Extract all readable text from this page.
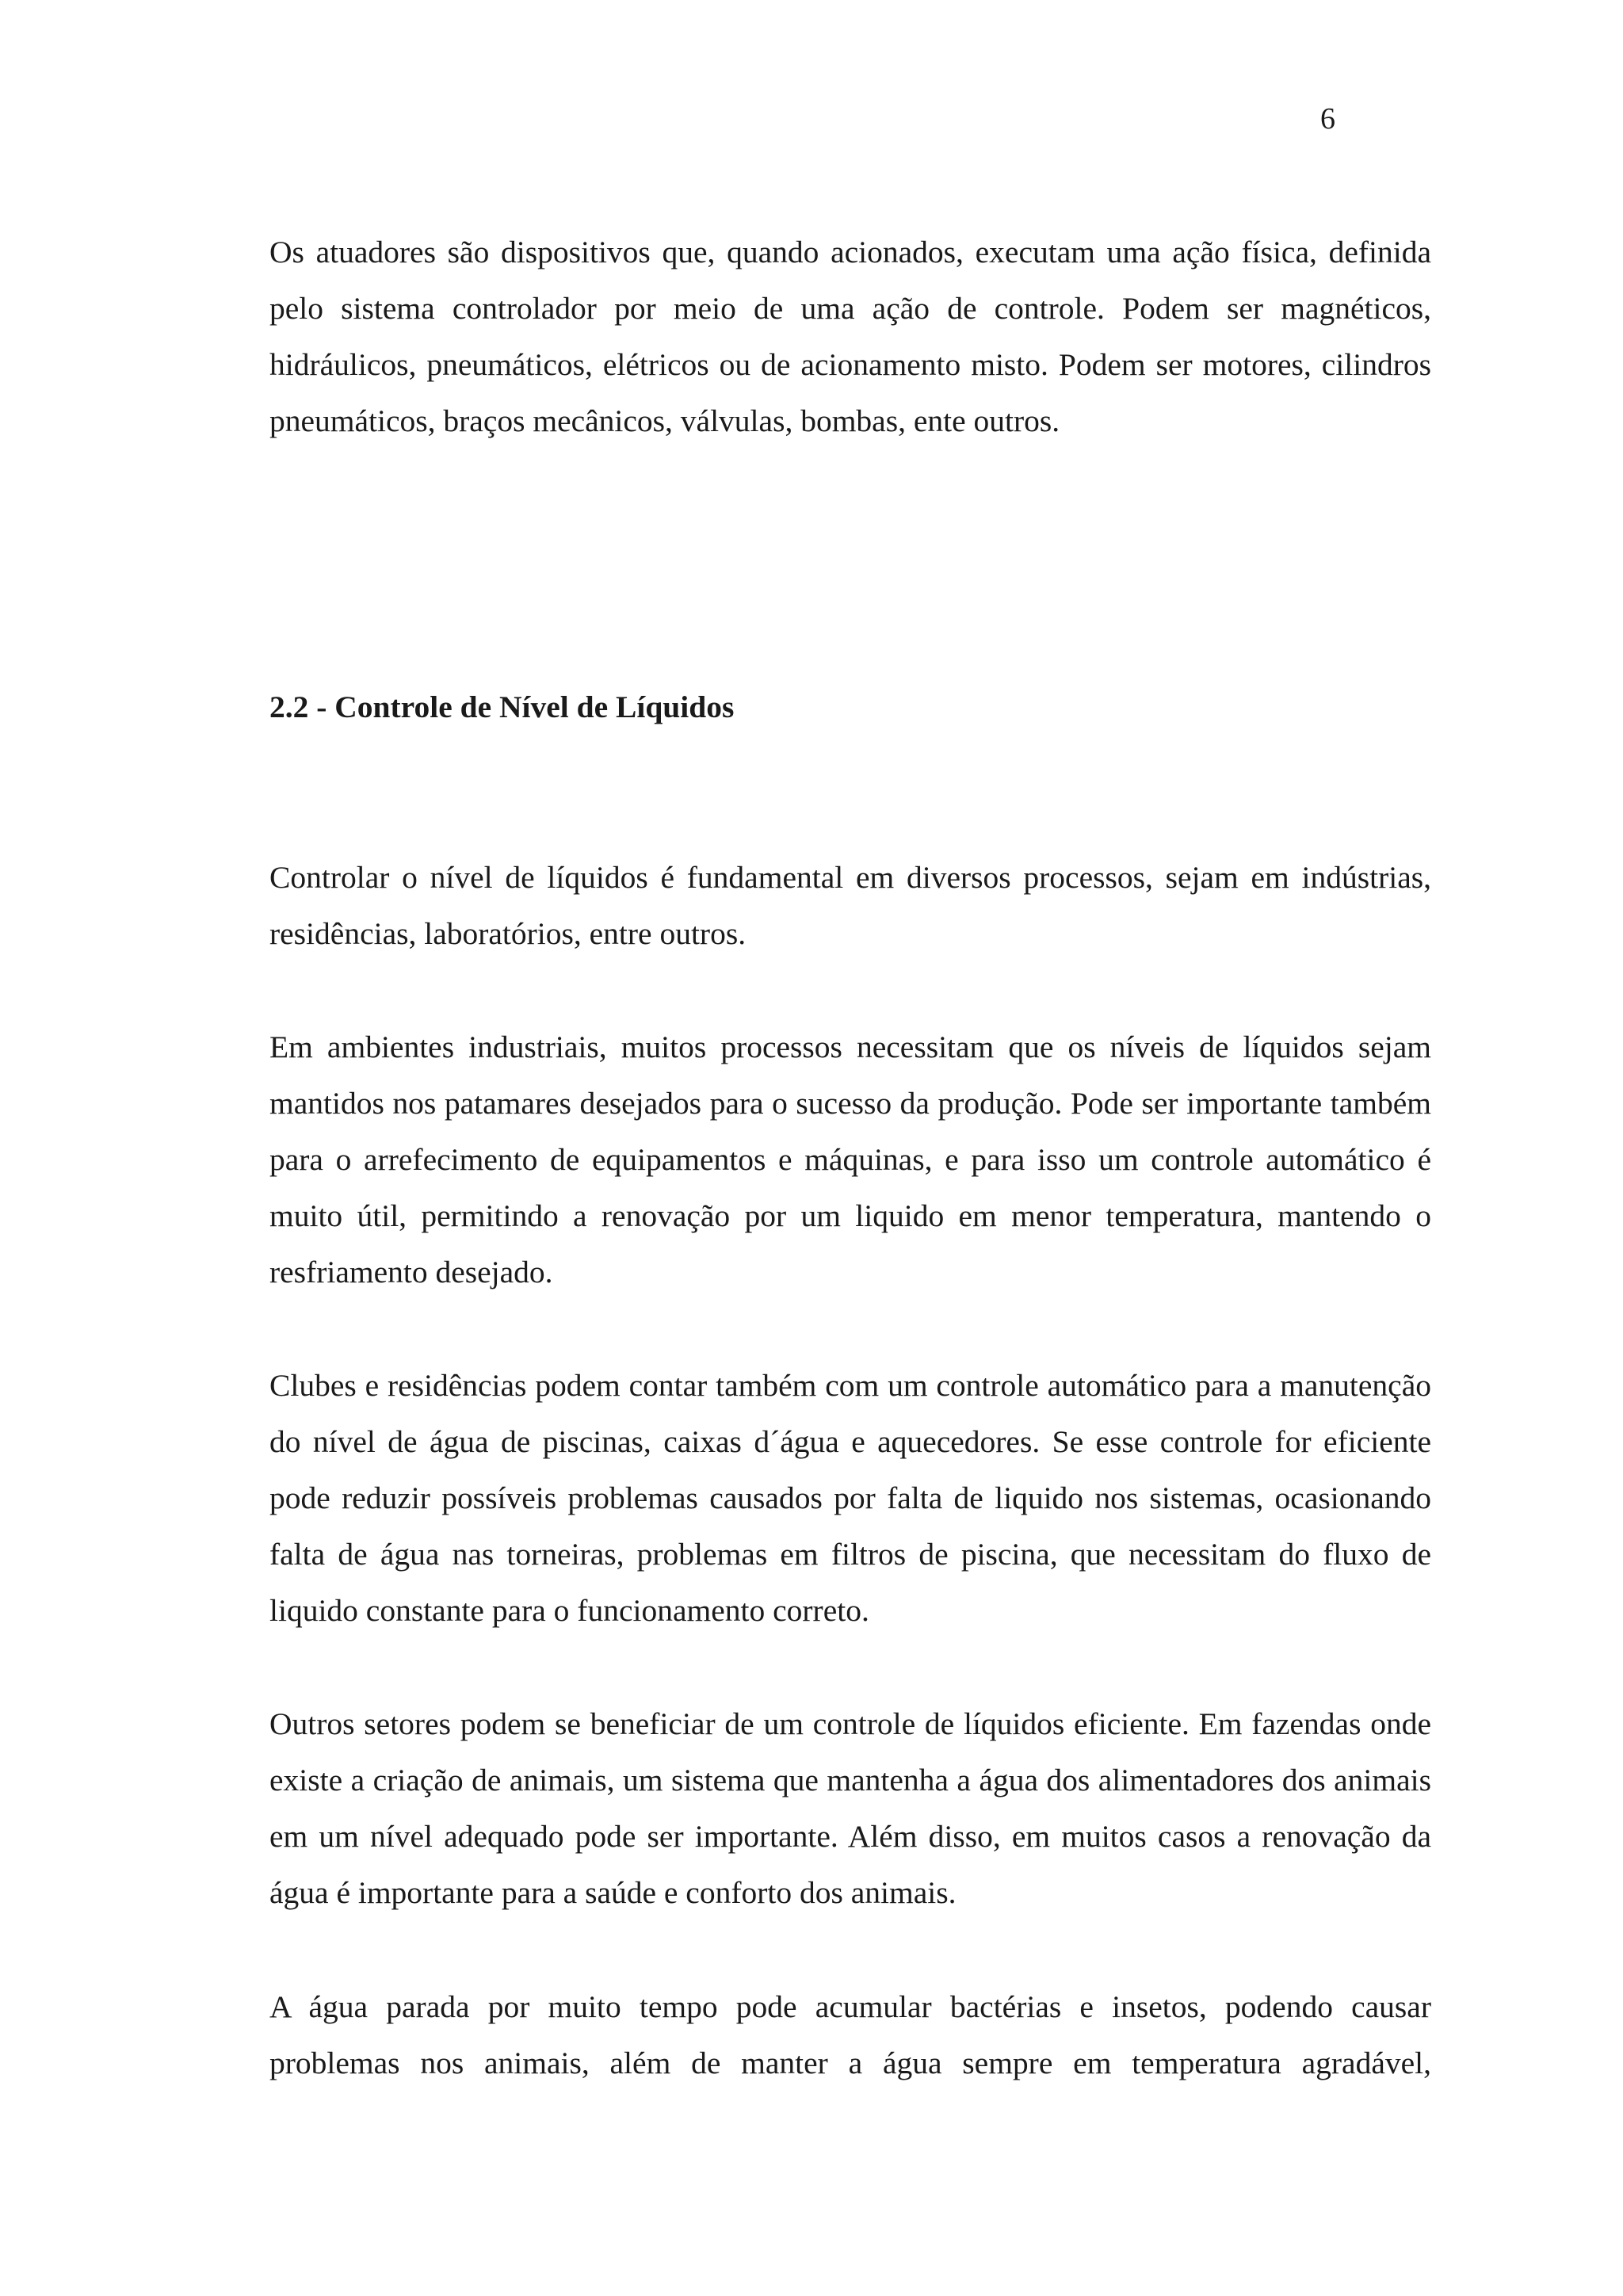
6

Os atuadores são dispositivos que, quando acionados, executam uma ação física, definida pelo sistema controlador por meio de uma ação de controle. Podem ser magnéticos, hidráulicos, pneumáticos, elétricos ou de acionamento misto. Podem ser motores, cilindros pneumáticos, braços mecânicos, válvulas, bombas, ente outros.

2.2 - Controle de Nível de Líquidos

Controlar o nível de líquidos é fundamental em diversos processos, sejam em indústrias, residências, laboratórios, entre outros.

Em ambientes industriais, muitos processos necessitam que os níveis de líquidos sejam mantidos nos patamares desejados para o sucesso da produção. Pode ser importante também para o arrefecimento de equipamentos e máquinas, e para isso um controle automático é muito útil, permitindo a renovação por um liquido em menor temperatura, mantendo o resfriamento desejado.

Clubes e residências podem contar também com um controle automático para a manutenção do nível de água de piscinas, caixas d´água e aquecedores. Se esse controle for eficiente pode reduzir possíveis problemas causados por falta de liquido nos sistemas, ocasionando falta de água nas torneiras, problemas em filtros de piscina, que necessitam do fluxo de liquido constante para o funcionamento correto.

Outros setores podem se beneficiar de um controle de líquidos eficiente. Em fazendas onde existe a criação de animais, um sistema que mantenha a água dos alimentadores dos animais em um nível adequado pode ser importante. Além disso, em muitos casos a renovação da água é importante para a saúde e conforto dos animais.

A água parada por muito tempo pode acumular bactérias e insetos, podendo causar problemas nos animais, além de manter a água sempre em temperatura agradável,
